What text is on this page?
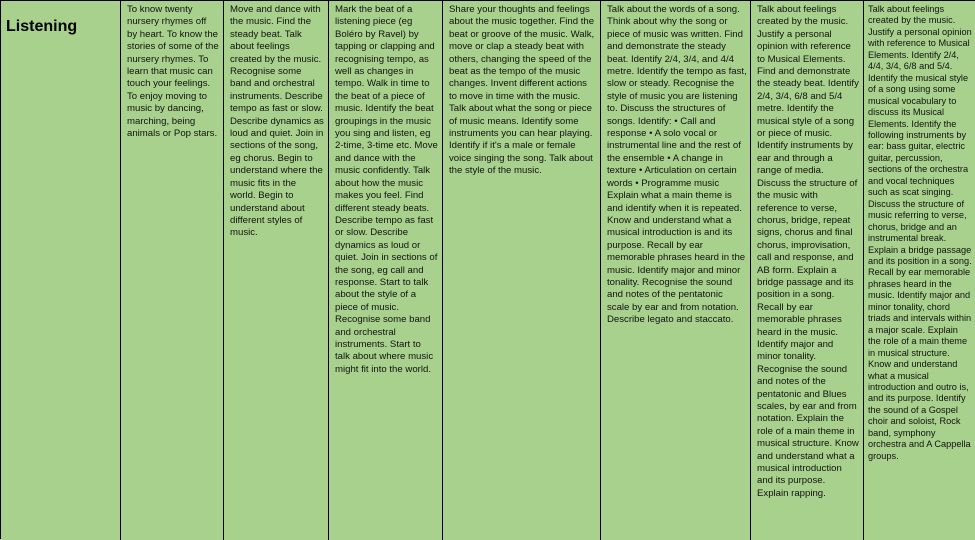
Listening
To know twenty nursery rhymes off by heart. To know the stories of some of the nursery rhymes. To learn that music can touch your feelings. To enjoy moving to music by dancing, marching, being animals or Pop stars.
Move and dance with the music. Find the steady beat. Talk about feelings created by the music. Recognise some band and orchestral instruments. Describe tempo as fast or slow. Describe dynamics as loud and quiet. Join in sections of the song, eg chorus. Begin to understand where the music fits in the world. Begin to understand about different styles of music.
Mark the beat of a listening piece (eg Boléro by Ravel) by tapping or clapping and recognising tempo, as well as changes in tempo. Walk in time to the beat of a piece of music. Identify the beat groupings in the music you sing and listen, eg 2-time, 3-time etc. Move and dance with the music confidently. Talk about how the music makes you feel. Find different steady beats. Describe tempo as fast or slow. Describe dynamics as loud or quiet. Join in sections of the song, eg call and response. Start to talk about the style of a piece of music. Recognise some band and orchestral instruments. Start to talk about where music might fit into the world.
Share your thoughts and feelings about the music together. Find the beat or groove of the music. Walk, move or clap a steady beat with others, changing the speed of the beat as the tempo of the music changes. Invent different actions to move in time with the music. Talk about what the song or piece of music means. Identify some instruments you can hear playing. Identify if it's a male or female voice singing the song. Talk about the style of the music.
Talk about the words of a song. Think about why the song or piece of music was written. Find and demonstrate the steady beat. Identify 2/4, 3/4, and 4/4 metre. Identify the tempo as fast, slow or steady. Recognise the style of music you are listening to. Discuss the structures of songs. Identify: • Call and response • A solo vocal or instrumental line and the rest of the ensemble • A change in texture • Articulation on certain words • Programme music Explain what a main theme is and identify when it is repeated. Know and understand what a musical introduction is and its purpose. Recall by ear memorable phrases heard in the music. Identify major and minor tonality. Recognise the sound and notes of the pentatonic scale by ear and from notation. Describe legato and staccato.
Talk about feelings created by the music. Justify a personal opinion with reference to Musical Elements. Find and demonstrate the steady beat. Identify 2/4, 3/4, 6/8 and 5/4 metre. Identify the musical style of a song or piece of music. Identify instruments by ear and through a range of media. Discuss the structure of the music with reference to verse, chorus, bridge, repeat signs, chorus and final chorus, improvisation, call and response, and AB form. Explain a bridge passage and its position in a song. Recall by ear memorable phrases heard in the music. Identify major and minor tonality. Recognise the sound and notes of the pentatonic and Blues scales, by ear and from notation. Explain the role of a main theme in musical structure. Know and understand what a musical introduction and its purpose. Explain rapping.
Talk about feelings created by the music. Justify a personal opinion with reference to Musical Elements. Identify 2/4, 4/4, 3/4, 6/8 and 5/4. Identify the musical style of a song using some musical vocabulary to discuss its Musical Elements. Identify the following instruments by ear: bass guitar, electric guitar, percussion, sections of the orchestra and vocal techniques such as scat singing. Discuss the structure of music referring to verse, chorus, bridge and an instrumental break. Explain a bridge passage and its position in a song. Recall by ear memorable phrases heard in the music. Identify major and minor tonality, chord triads and intervals within a major scale. Explain the role of a main theme in musical structure. Know and understand what a musical introduction and outro is, and its purpose. Identify the sound of a Gospel choir and soloist, Rock band, symphony orchestra and A Cappella groups.
